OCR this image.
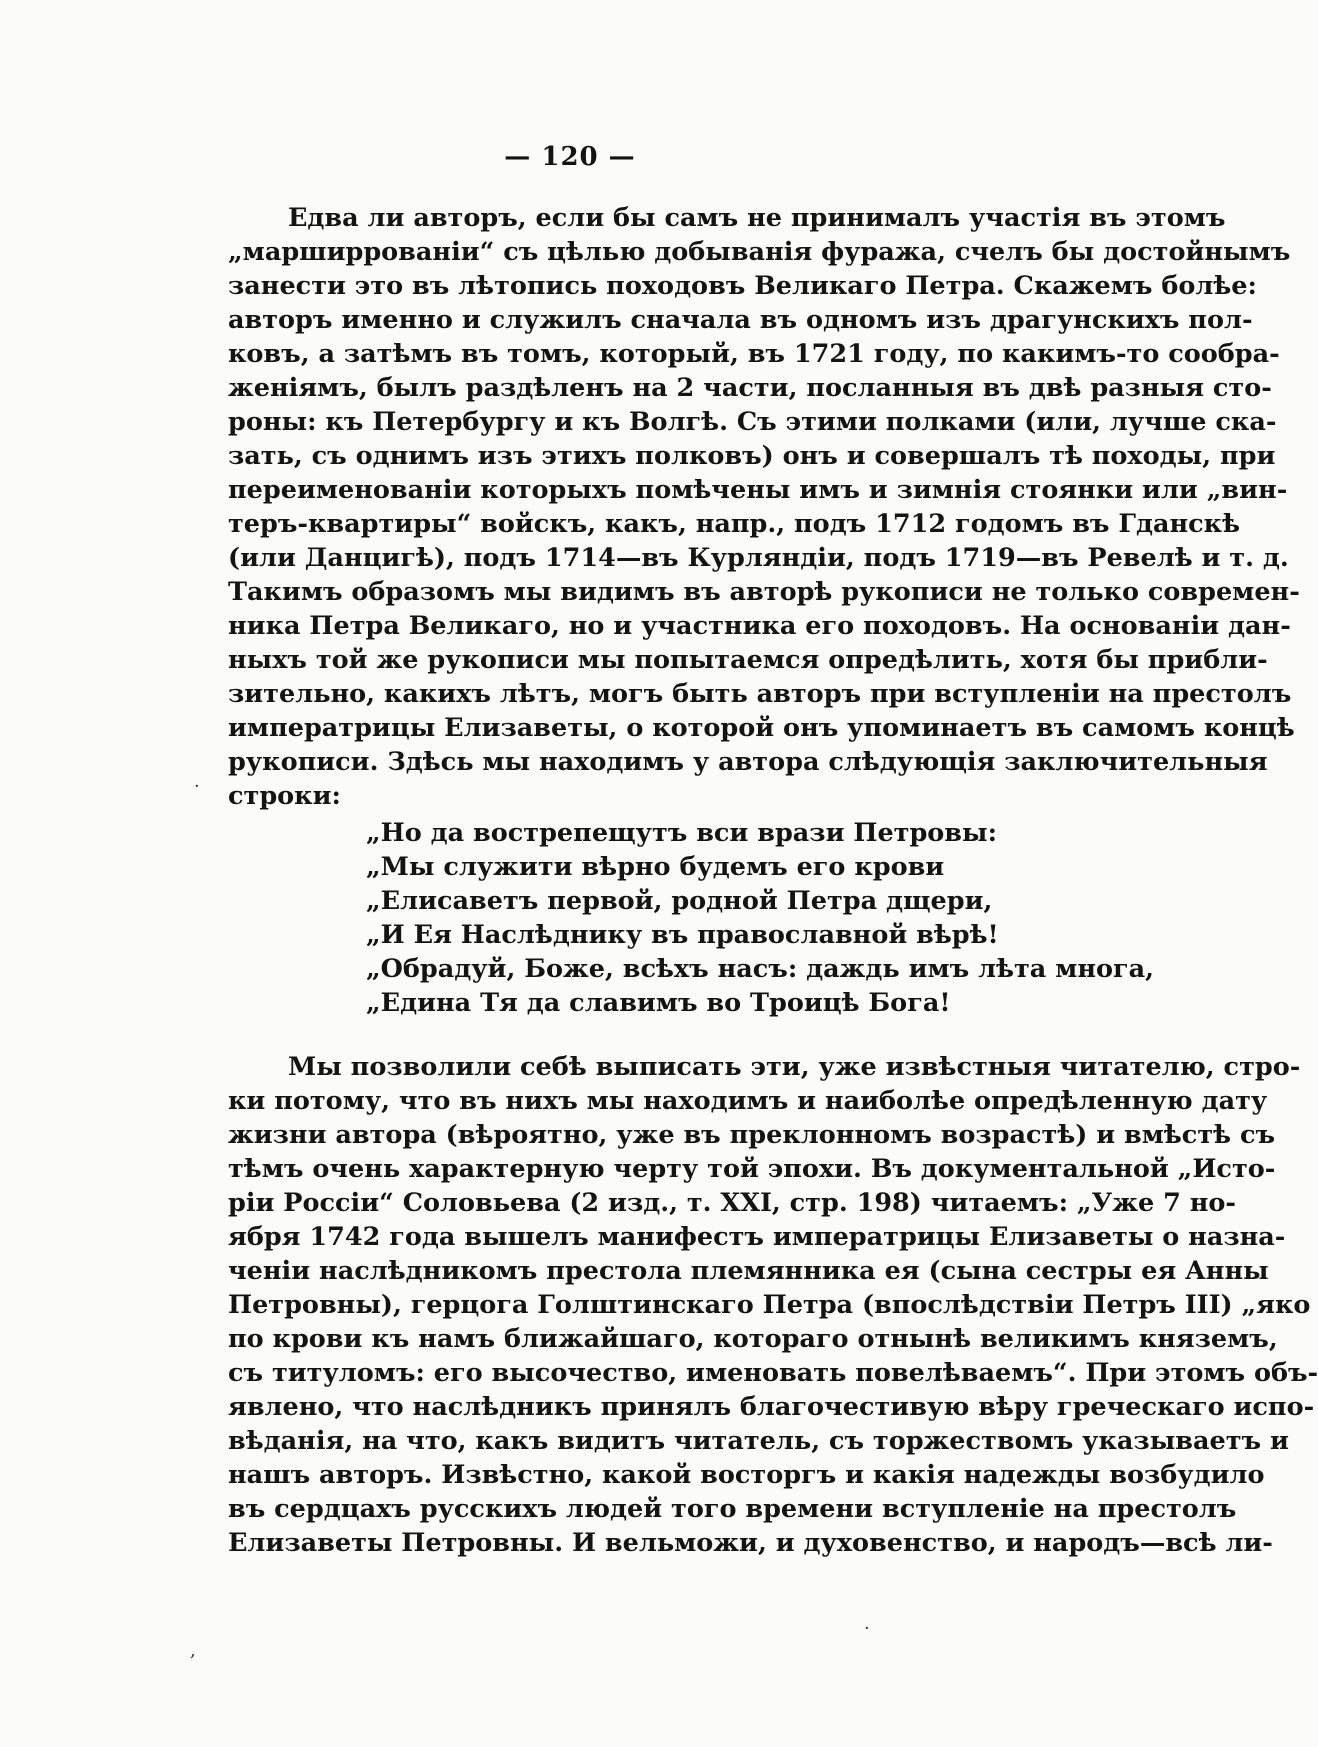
— 120 —
Едва ли авторъ, если бы самъ не принималъ участія въ этомъ
„марширрованіи“ съ цѣлью добыванія фуража, счелъ бы достойнымъ
занести это въ лѣтопись походовъ Великаго Петра. Скажемъ болѣе:
авторъ именно и служилъ сначала въ одномъ изъ драгунскихъ пол-
ковъ, а затѣмъ въ томъ, который, въ 1721 году, по какимъ-то сообра-
женіямъ, былъ раздѣленъ на 2 части, посланныя въ двѣ разныя сто-
роны: къ Петербургу и къ Волгѣ. Съ этими полками (или, лучше ска-
зать, съ однимъ изъ этихъ полковъ) онъ и совершалъ тѣ походы, при
переименованіи которыхъ помѣчены имъ и зимнія стоянки или „вин-
теръ-квартиры“ войскъ, какъ, напр., подъ 1712 годомъ въ Гданскѣ
(или Данцигѣ), подъ 1714—въ Курляндіи, подъ 1719—въ Ревелѣ и т. д.
Такимъ образомъ мы видимъ въ авторѣ рукописи не только современ-
ника Петра Великаго, но и участника его походовъ. На основаніи дан-
ныхъ той же рукописи мы попытаемся опредѣлить, хотя бы прибли-
зительно, какихъ лѣтъ, могъ быть авторъ при вступленіи на престолъ
императрицы Елизаветы, о которой онъ упоминаетъ въ самомъ концѣ
рукописи. Здѣсь мы находимъ у автора слѣдующія заключительныя
строки:
·
„Но да вострепещутъ вси врази Петровы:
„Мы служити вѣрно будемъ его крови
„Елисаветъ первой, родной Петра дщери,
„И Ея Наслѣднику въ православной вѣрѣ!
„Обрадуй, Боже, всѣхъ насъ: даждь имъ лѣта многа,
„Едина Тя да славимъ во Троицѣ Бога!
Мы позволили себѣ выписать эти, уже извѣстныя читателю, стро-
ки потому, что въ нихъ мы находимъ и наиболѣе опредѣленную дату
жизни автора (вѣроятно, уже въ преклонномъ возрастѣ) и вмѣстѣ съ
тѣмъ очень характерную черту той эпохи. Въ документальной „Исто-
ріи Россіи“ Соловьева (2 изд., т. XXI, стр. 198) читаемъ: „Уже 7 но-
ября 1742 года вышелъ манифестъ императрицы Елизаветы о назна-
ченіи наслѣдникомъ престола племянника ея (сына сестры ея Анны
Петровны), герцога Голштинскаго Петра (впослѣдствіи Петръ III) „яко
по крови къ намъ ближайшаго, котораго отнынѣ великимъ княземъ,
съ титуломъ: его высочество, именовать повелѣваемъ“. При этомъ объ-
явлено, что наслѣдникъ принялъ благочестивую вѣру греческаго испо-
вѣданія, на что, какъ видитъ читатель, съ торжествомъ указываетъ и
нашъ авторъ. Извѣстно, какой восторгъ и какія надежды возбудило
въ сердцахъ русскихъ людей того времени вступленіе на престолъ
Елизаветы Петровны. И вельможи, и духовенство, и народъ—всѣ ли-
,
·
